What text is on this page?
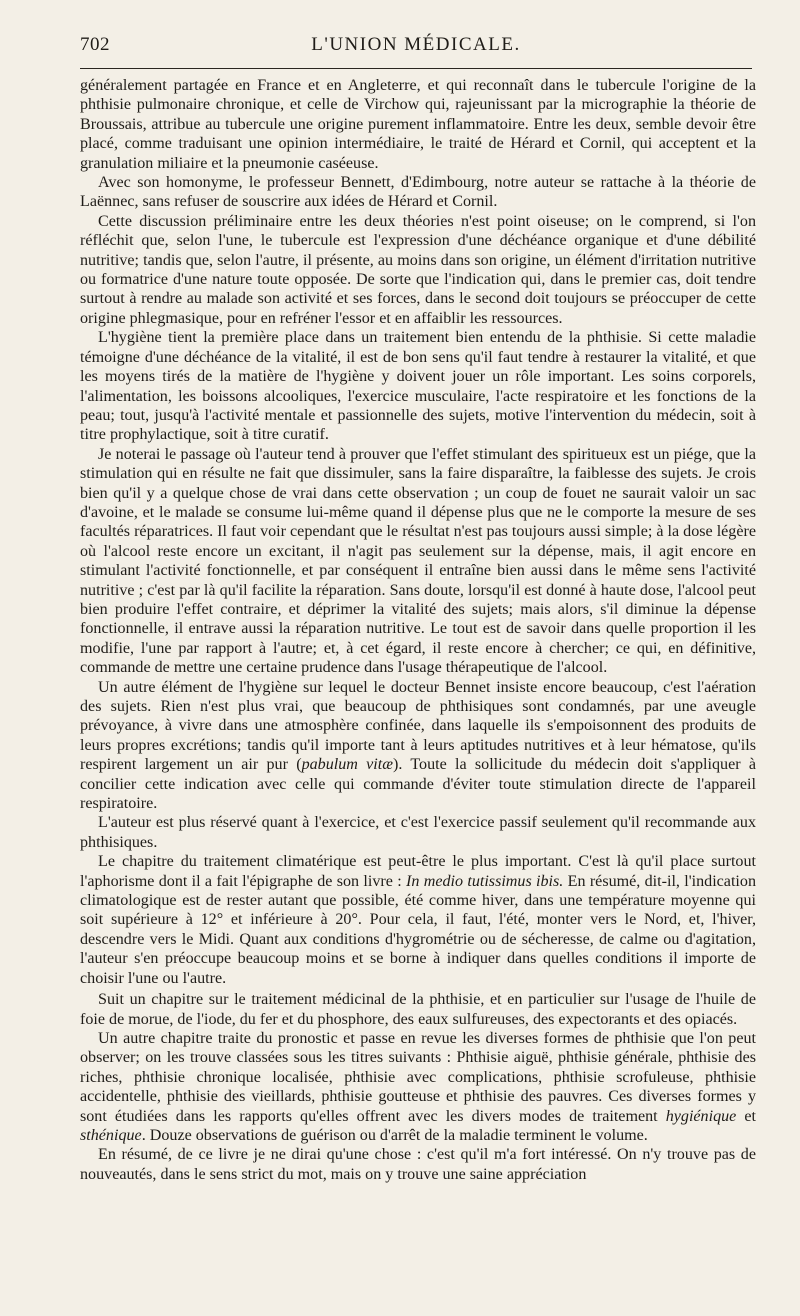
702	L'UNION MÉDICALE.

généralement partagée en France et en Angleterre, et qui reconnaît dans le tubercule l'origine de la phthisie pulmonaire chronique, et celle de Virchow qui, rajeunissant par la micrographie la théorie de Broussais, attribue au tubercule une origine purement inflammatoire. Entre les deux, semble devoir être placé, comme traduisant une opinion intermédiaire, le traité de Hérard et Cornil, qui acceptent et la granulation miliaire et la pneumonie caséeuse.

Avec son homonyme, le professeur Bennett, d'Edimbourg, notre auteur se rattache à la théorie de Laënnec, sans refuser de souscrire aux idées de Hérard et Cornil.

Cette discussion préliminaire entre les deux théories n'est point oiseuse; on le comprend, si l'on réfléchit que, selon l'une, le tubercule est l'expression d'une déchéance organique et d'une débilité nutritive; tandis que, selon l'autre, il présente, au moins dans son origine, un élément d'irritation nutritive ou formatrice d'une nature toute opposée. De sorte que l'indication qui, dans le premier cas, doit tendre surtout à rendre au malade son activité et ses forces, dans le second doit toujours se préoccuper de cette origine phlegmasique, pour en refréner l'essor et en affaiblir les ressources.

L'hygiène tient la première place dans un traitement bien entendu de la phthisie. Si cette maladie témoigne d'une déchéance de la vitalité, il est de bon sens qu'il faut tendre à restaurer la vitalité, et que les moyens tirés de la matière de l'hygiène y doivent jouer un rôle important. Les soins corporels, l'alimentation, les boissons alcooliques, l'exercice musculaire, l'acte respiratoire et les fonctions de la peau; tout, jusqu'à l'activité mentale et passionnelle des sujets, motive l'intervention du médecin, soit à titre prophylactique, soit à titre curatif.

Je noterai le passage où l'auteur tend à prouver que l'effet stimulant des spiritueux est un piége, que la stimulation qui en résulte ne fait que dissimuler, sans la faire disparaître, la faiblesse des sujets. Je crois bien qu'il y a quelque chose de vrai dans cette observation ; un coup de fouet ne saurait valoir un sac d'avoine, et le malade se consume lui-même quand il dépense plus que ne le comporte la mesure de ses facultés réparatrices. Il faut voir cependant que le résultat n'est pas toujours aussi simple; à la dose légère où l'alcool reste encore un excitant, il n'agit pas seulement sur la dépense, mais, il agit encore en stimulant l'activité fonctionnelle, et par conséquent il entraîne bien aussi dans le même sens l'activité nutritive ; c'est par là qu'il facilite la réparation. Sans doute, lorsqu'il est donné à haute dose, l'alcool peut bien produire l'effet contraire, et déprimer la vitalité des sujets; mais alors, s'il diminue la dépense fonctionnelle, il entrave aussi la réparation nutritive. Le tout est de savoir dans quelle proportion il les modifie, l'une par rapport à l'autre; et, à cet égard, il reste encore à chercher; ce qui, en définitive, commande de mettre une certaine prudence dans l'usage thérapeutique de l'alcool.

Un autre élément de l'hygiène sur lequel le docteur Bennet insiste encore beaucoup, c'est l'aération des sujets. Rien n'est plus vrai, que beaucoup de phthisiques sont condamnés, par une aveugle prévoyance, à vivre dans une atmosphère confinée, dans laquelle ils s'empoisonnent des produits de leurs propres excrétions; tandis qu'il importe tant à leurs aptitudes nutritives et à leur hématose, qu'ils respirent largement un air pur (pabulum vitæ). Toute la sollicitude du médecin doit s'appliquer à concilier cette indication avec celle qui commande d'éviter toute stimulation directe de l'appareil respiratoire.

L'auteur est plus réservé quant à l'exercice, et c'est l'exercice passif seulement qu'il recommande aux phthisiques.

Le chapitre du traitement climatérique est peut-être le plus important. C'est là qu'il place surtout l'aphorisme dont il a fait l'épigraphe de son livre : In medio tutissimus ibis. En résumé, dit-il, l'indication climatologique est de rester autant que possible, été comme hiver, dans une température moyenne qui soit supérieure à 12° et inférieure à 20°. Pour cela, il faut, l'été, monter vers le Nord, et, l'hiver, descendre vers le Midi. Quant aux conditions d'hygrométrie ou de sécheresse, de calme ou d'agitation, l'auteur s'en préoccupe beaucoup moins et se borne à indiquer dans quelles conditions il importe de choisir l'une ou l'autre.

Suit un chapitre sur le traitement médicinal de la phthisie, et en particulier sur l'usage de l'huile de foie de morue, de l'iode, du fer et du phosphore, des eaux sulfureuses, des expectorants et des opiacés.

Un autre chapitre traite du pronostic et passe en revue les diverses formes de phthisie que l'on peut observer; on les trouve classées sous les titres suivants : Phthisie aiguë, phthisie générale, phthisie des riches, phthisie chronique localisée, phthisie avec complications, phthisie scrofuleuse, phthisie accidentelle, phthisie des vieillards, phthisie goutteuse et phthisie des pauvres. Ces diverses formes y sont étudiées dans les rapports qu'elles offrent avec les divers modes de traitement hygiénique et sthénique. Douze observations de guérison ou d'arrêt de la maladie terminent le volume.

En résumé, de ce livre je ne dirai qu'une chose : c'est qu'il m'a fort intéressé. On n'y trouve pas de nouveautés, dans le sens strict du mot, mais on y trouve une saine appréciation
